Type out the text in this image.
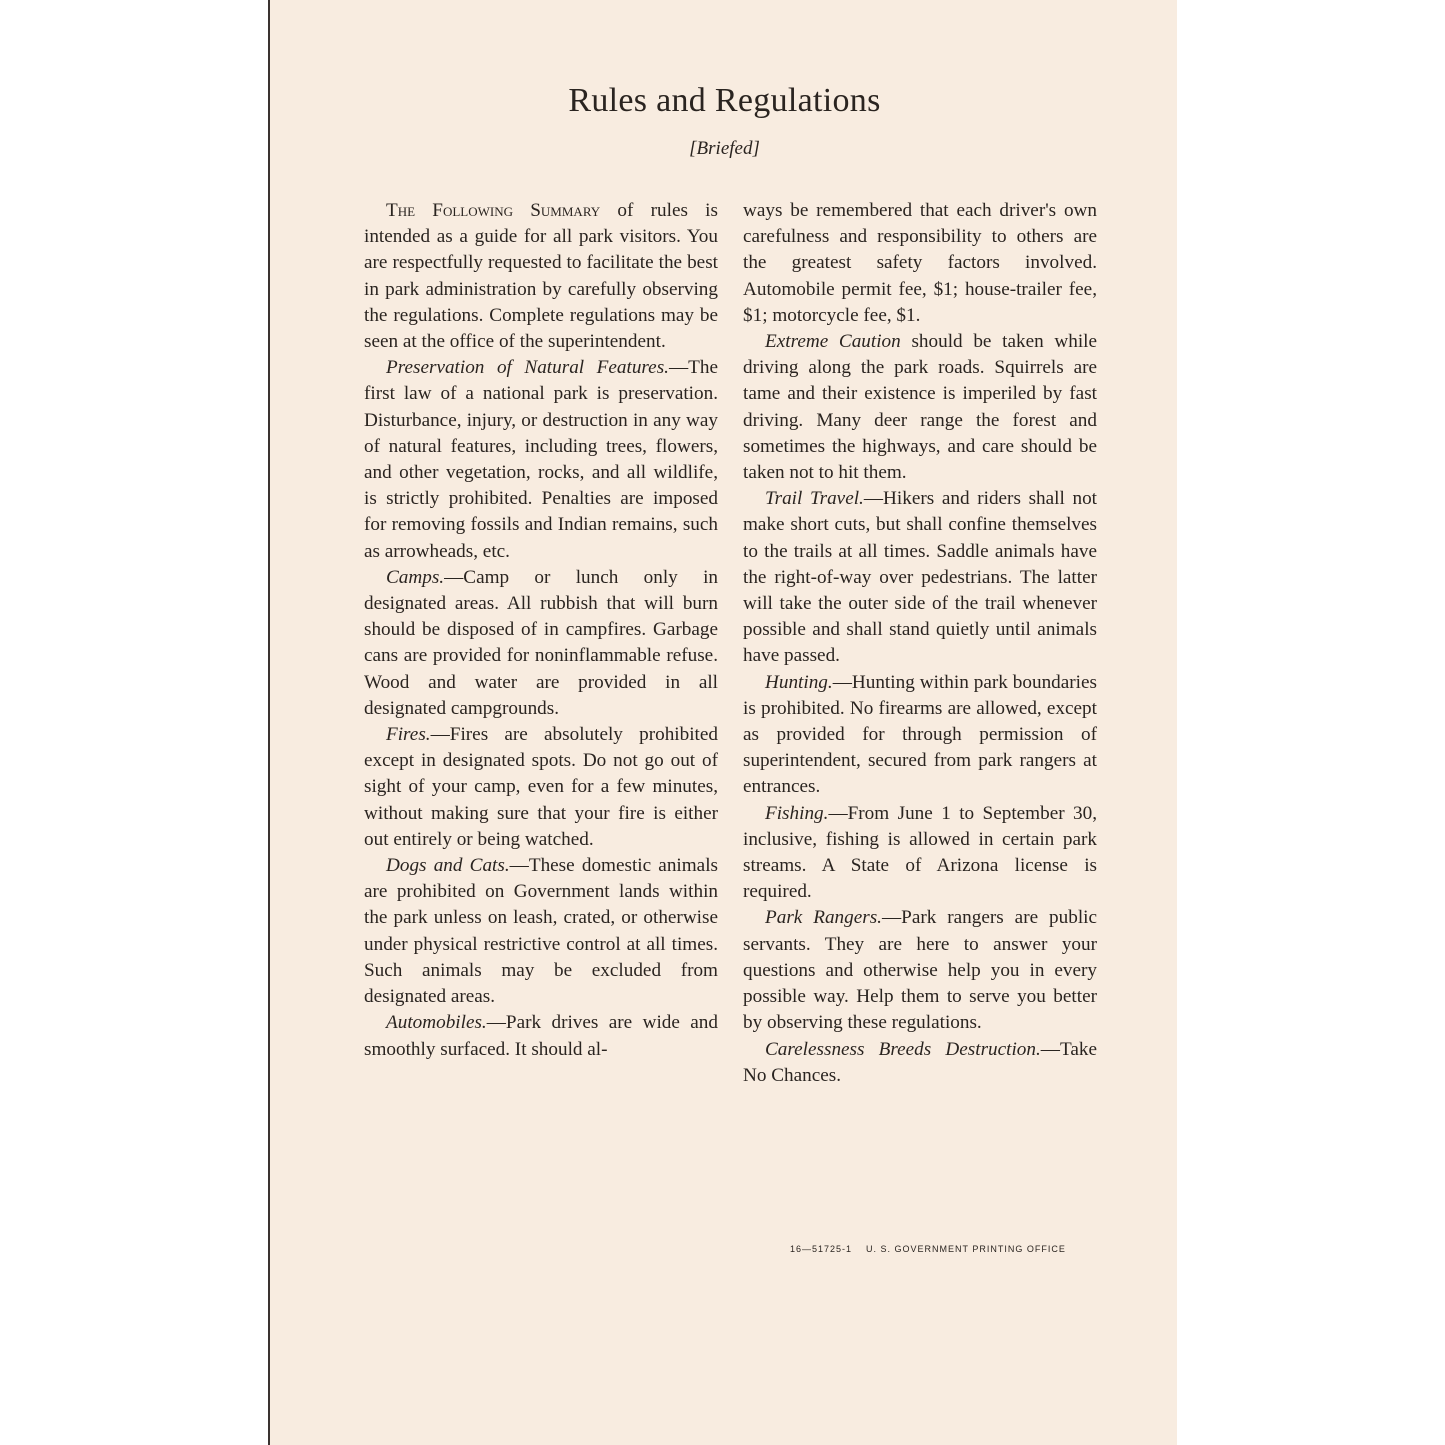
Rules and Regulations
[Briefed]

The Following Summary of rules is intended as a guide for all park visitors. You are respectfully requested to facilitate the best in park administration by carefully observing the regulations. Complete regulations may be seen at the office of the superintendent.

Preservation of Natural Features.—The first law of a national park is preservation. Disturbance, injury, or destruction in any way of natural features, including trees, flowers, and other vegetation, rocks, and all wildlife, is strictly prohibited. Penalties are imposed for removing fossils and Indian remains, such as arrowheads, etc.

Camps.—Camp or lunch only in designated areas. All rubbish that will burn should be disposed of in campfires. Garbage cans are provided for noninflammable refuse. Wood and water are provided in all designated campgrounds.

Fires.—Fires are absolutely prohibited except in designated spots. Do not go out of sight of your camp, even for a few minutes, without making sure that your fire is either out entirely or being watched.

Dogs and Cats.—These domestic animals are prohibited on Government lands within the park unless on leash, crated, or otherwise under physical restrictive control at all times. Such animals may be excluded from designated areas.

Automobiles.—Park drives are wide and smoothly surfaced. It should al-

ways be remembered that each driver's own carefulness and responsibility to others are the greatest safety factors involved. Automobile permit fee, $1; house-trailer fee, $1; motorcycle fee, $1.

Extreme Caution should be taken while driving along the park roads. Squirrels are tame and their existence is imperiled by fast driving. Many deer range the forest and sometimes the highways, and care should be taken not to hit them.

Trail Travel.—Hikers and riders shall not make short cuts, but shall confine themselves to the trails at all times. Saddle animals have the right-of-way over pedestrians. The latter will take the outer side of the trail whenever possible and shall stand quietly until animals have passed.

Hunting.—Hunting within park boundaries is prohibited. No firearms are allowed, except as provided for through permission of superintendent, secured from park rangers at entrances.

Fishing.—From June 1 to September 30, inclusive, fishing is allowed in certain park streams. A State of Arizona license is required.

Park Rangers.—Park rangers are public servants. They are here to answer your questions and otherwise help you in every possible way. Help them to serve you better by observing these regulations.

Carelessness Breeds Destruction.—Take No Chances.

16—51725-1 U. S. GOVERNMENT PRINTING OFFICE
